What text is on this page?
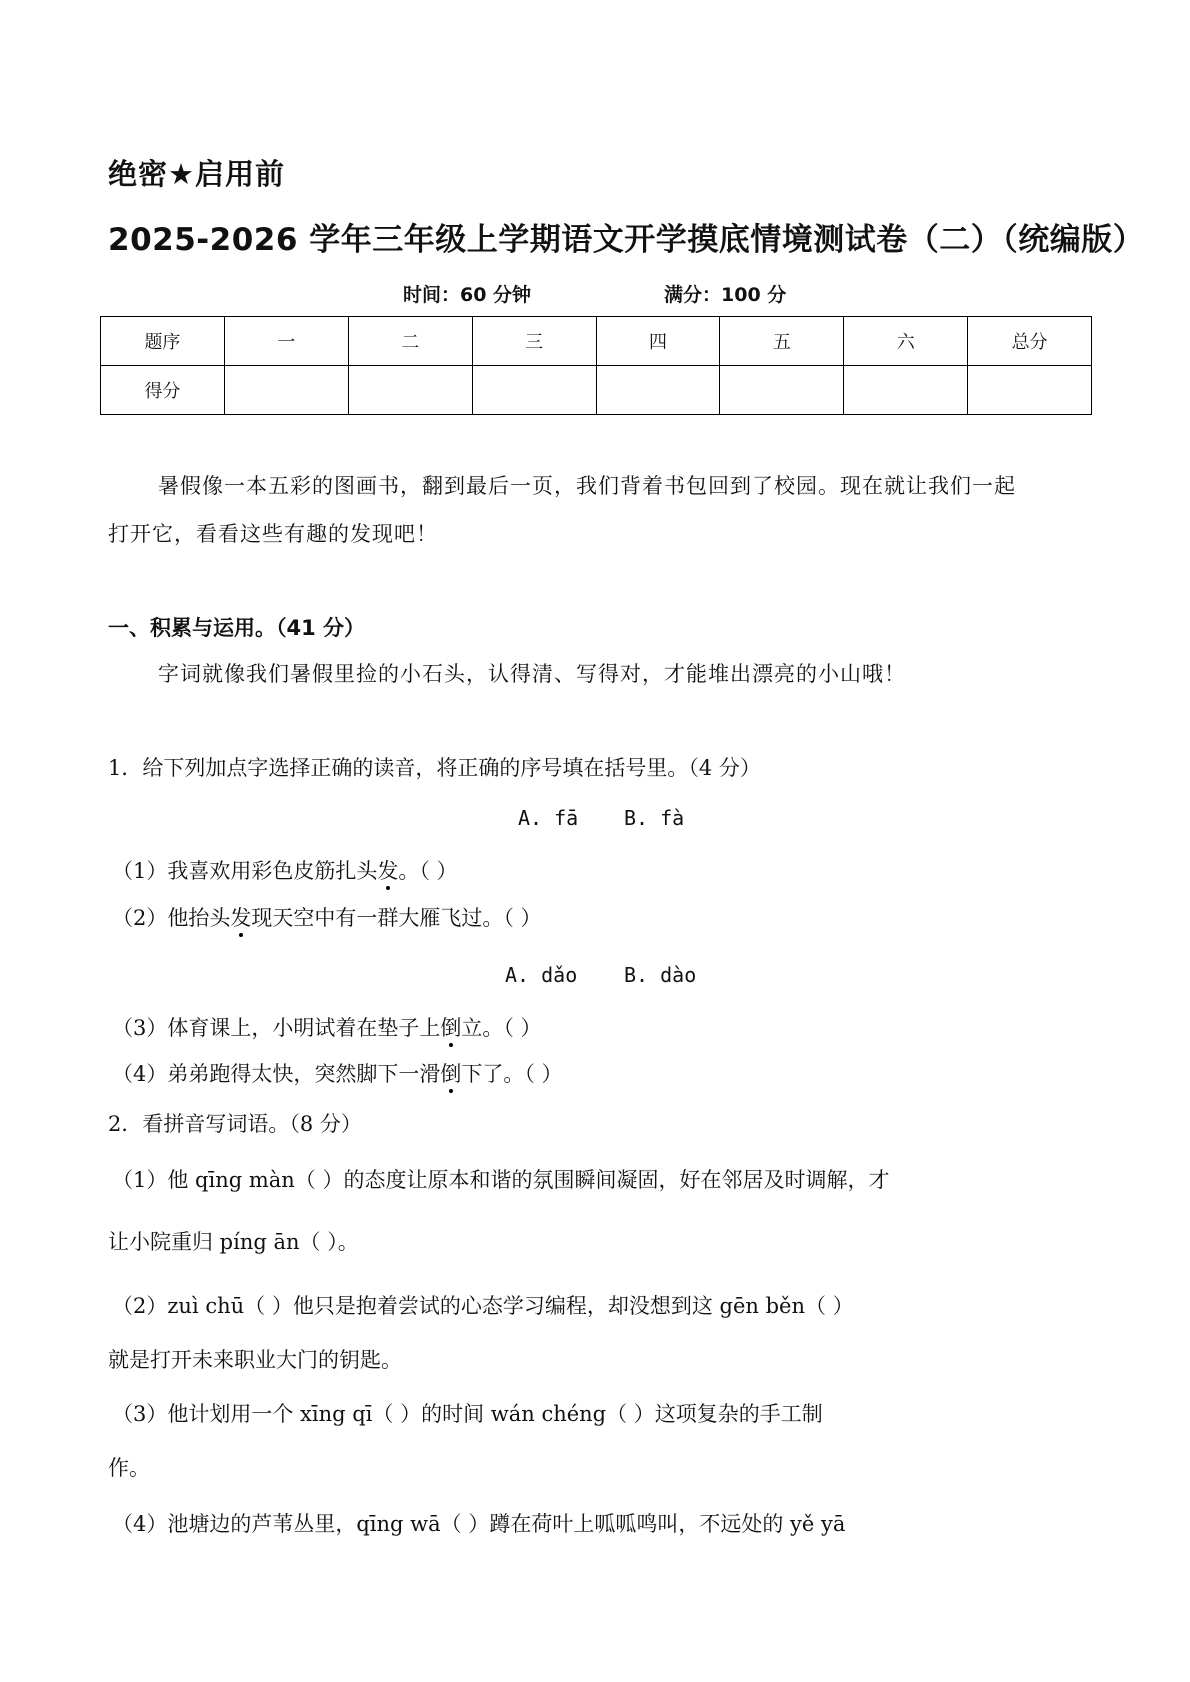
绝密★启用前
2025-2026 学年三年级上学期语文开学摸底情境测试卷（二）（统编版）
时间：60 分钟	满分：100 分
题序	一	二	三	四	五	六	总分
得分							
暑假像一本五彩的图画书，翻到最后一页，我们背着书包回到了校园。现在就让我们一起
打开它，看看这些有趣的发现吧！
一、积累与运用。（41 分）
字词就像我们暑假里捡的小石头，认得清、写得对，才能堆出漂亮的小山哦！
1．给下列加点字选择正确的读音，将正确的序号填在括号里。（4 分）
A. fā B. fà
（1）我喜欢用彩色皮筋扎头发。（ ）
（2）他抬头发现天空中有一群大雁飞过。（ ）
A. dǎo B. dào
（3）体育课上，小明试着在垫子上倒立。（ ）
（4）弟弟跑得太快，突然脚下一滑倒下了。（ ）
2．看拼音写词语。（8 分）
（1）他 qīng màn（ ）的态度让原本和谐的氛围瞬间凝固，好在邻居及时调解，才
让小院重归 píng ān（ ）。
（2）zuì chū（ ）他只是抱着尝试的心态学习编程，却没想到这 gēn běn（ ）
就是打开未来职业大门的钥匙。
（3）他计划用一个 xīng qī（ ）的时间 wán chéng（ ）这项复杂的手工制
作。
（4）池塘边的芦苇丛里，qīng wā（ ）蹲在荷叶上呱呱鸣叫，不远处的 yě yā
